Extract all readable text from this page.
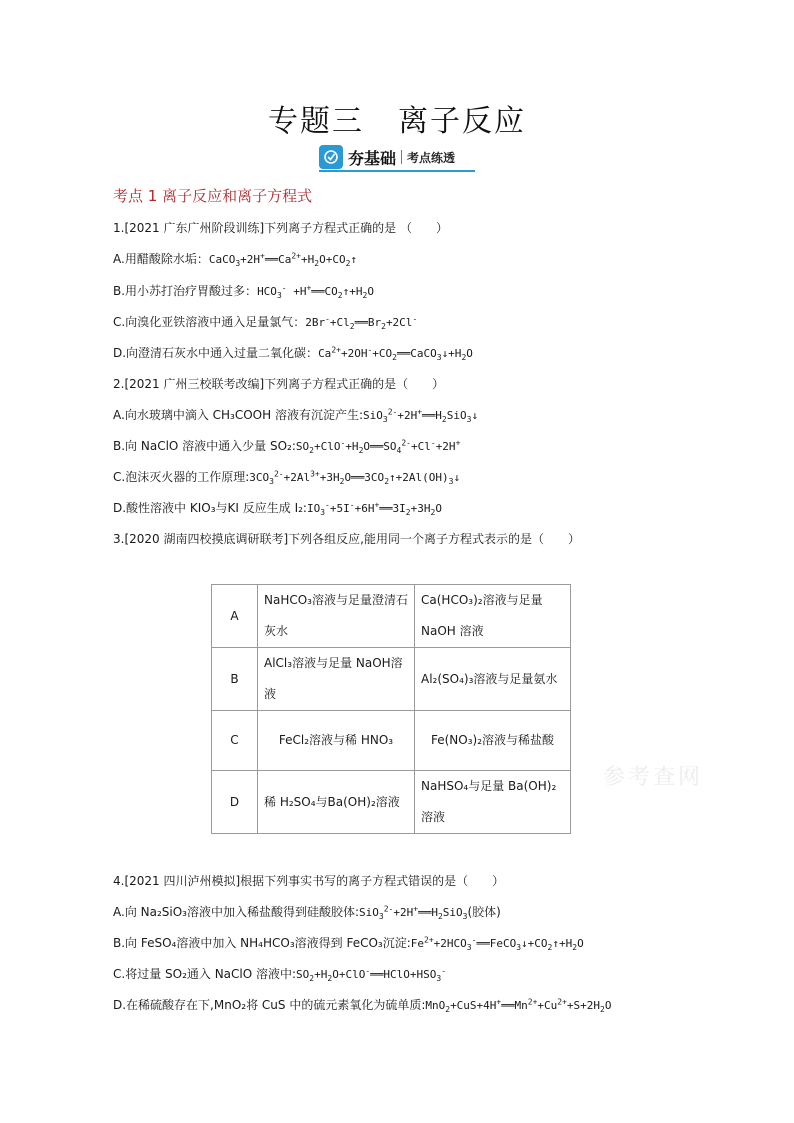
专题三 离子反应
夯基础 考点练透
考点 1 离子反应和离子方程式
1.[2021 广东广州阶段训练]下列离子方程式正确的是 （　　）
A.用醋酸除水垢：$CaCO_3+2H^+══Ca^{2+}+H_2O+CO_2↑$
B.用小苏打治疗胃酸过多：$HCO_3^-$ $+H^+══CO_2↑+H_2O$
C.向溴化亚铁溶液中通入足量氯气：$2Br^-+Cl_2══Br_2+2Cl^-$
D.向澄清石灰水中通入过量二氧化碳：$Ca^{2+}+2OH^-+CO_2══CaCO_3↓+H_2O$
2.[2021 广州三校联考改编]下列离子方程式正确的是（　　）
A.向水玻璃中滴入 CH₃COOH 溶液有沉淀产生$:SiO_3^{2-}+2H^+══H_2SiO_3↓$
B.向 NaClO 溶液中通入少量 $SO_2:SO_2+ClO^-+H_2O══SO_4^{2-}+Cl^-+2H^+$
C.泡沫灭火器的工作原理$:3CO_3^{2-}+2Al^{3+}+3H_2O══3CO_2↑+2Al(OH)_3↓$
D.酸性溶液中 KIO₃与KI 反应生成 $I_2:IO_3^-+5I^-+6H^+══3I_2+3H_2O$
3.[2020 湖南四校摸底调研联考]下列各组反应,能用同一个离子方程式表示的是（　　）
A	NaHCO₃溶液与足量澄清石灰水	Ca(HCO₃)₂溶液与足量NaOH 溶液
B	AlCl₃溶液与足量 NaOH溶液	Al₂(SO₄)₃溶液与足量氨水
C	FeCl₂溶液与稀 HNO₃	Fe(NO₃)₂溶液与稀盐酸
D	稀 H₂SO₄与Ba(OH)₂溶液	NaHSO₄与足量 Ba(OH)₂溶液
参考查网
4.[2021 四川泸州模拟]根据下列事实书写的离子方程式错误的是（　　）
A.向 Na₂SiO₃溶液中加入稀盐酸得到硅酸胶体$:SiO_3^{2-}+2H^+══H_2SiO_3$(胶体)
B.向 FeSO₄溶液中加入 NH₄HCO₃溶液得到 FeCO₃沉淀$:Fe^{2+}+2HCO_3^-══FeCO_3↓+CO_2↑+H_2O$
C.将过量 SO₂通入 NaClO 溶液中$:SO_2+H_2O+ClO^-══HClO+HSO_3^-$
D.在稀硫酸存在下,MnO₂将 CuS 中的硫元素氧化为硫单质$:MnO_2+CuS+4H^+══Mn^{2+}+Cu^{2+}+S+2H_2O$
